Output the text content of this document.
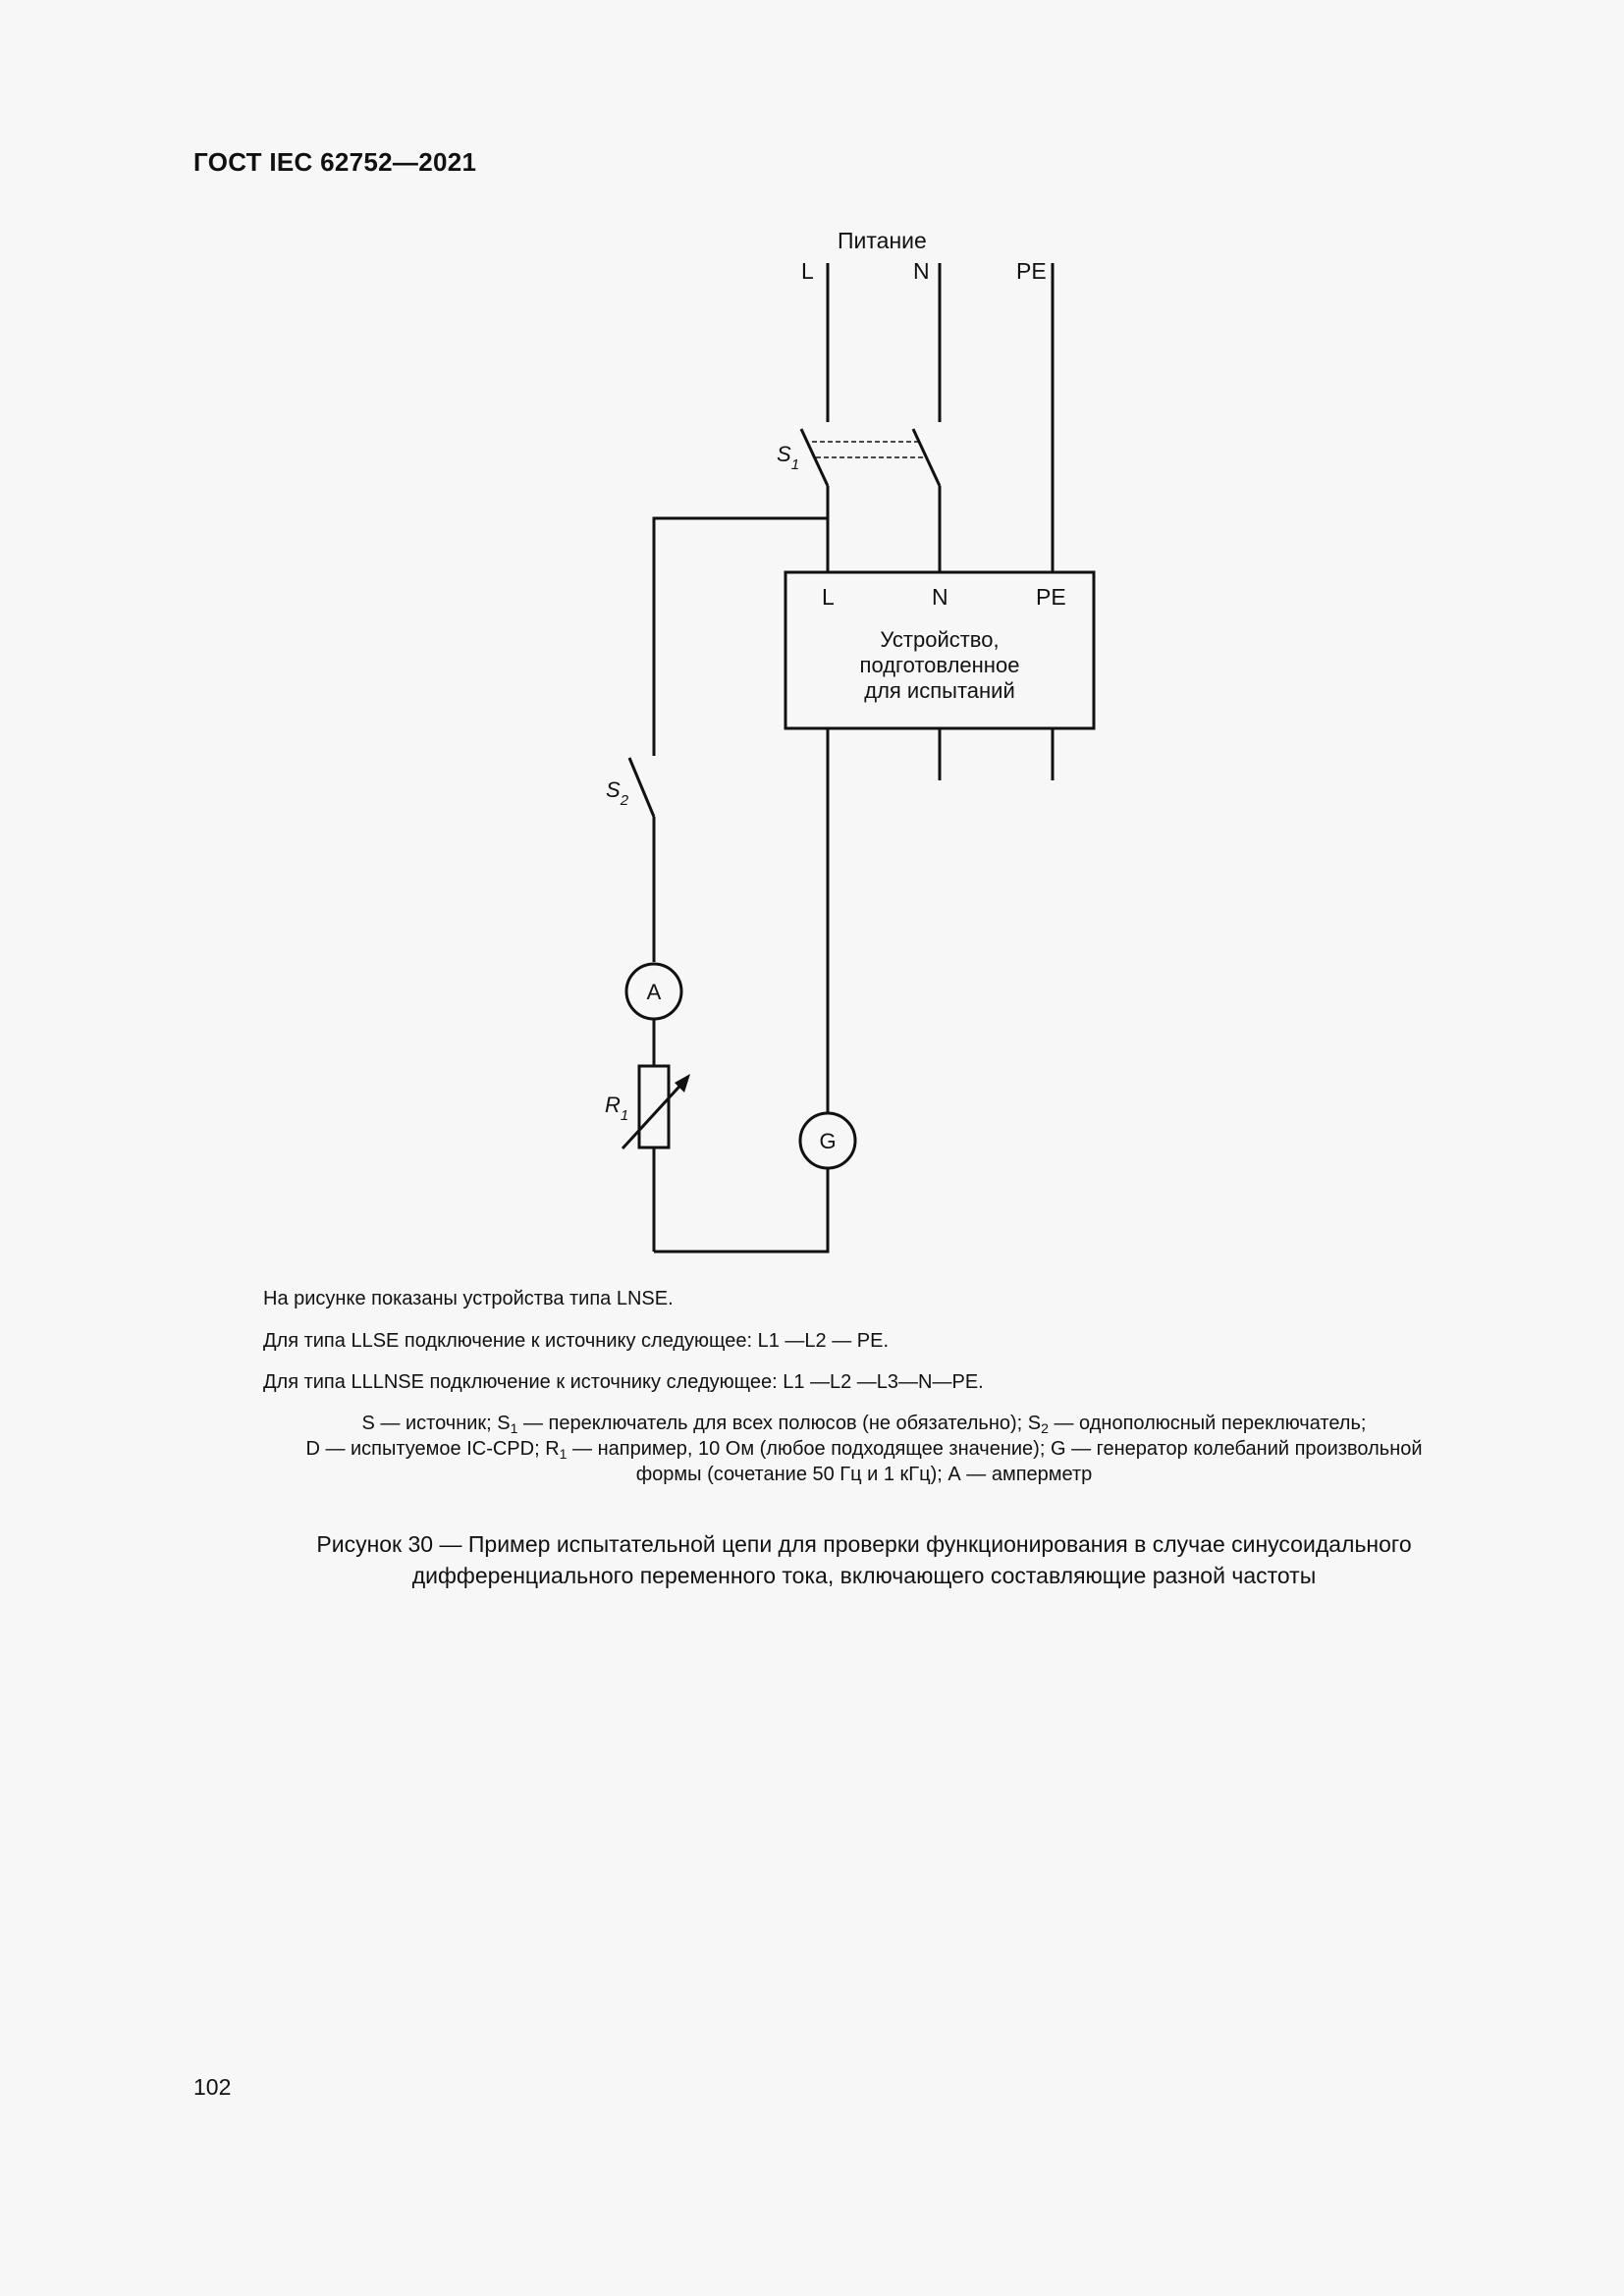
ГОСТ IEC 62752—2021
Питание
L	N	PE
$S_1$
$S_2$
$R_1$
L	N	PE
Устройство,
подготовленное
для испытаний
A
G
На рисунке показаны устройства типа LNSE.
Для типа LLSE подключение к источнику следующее: L1 —L2 — PE.
Для типа LLLNSE подключение к источнику следующее: L1 —L2 —L3—N—PE.
S — источник; $S_1$ — переключатель для всех полюсов (не обязательно); $S_2$ — однополюсный переключатель;
D — испытуемое IC-CPD; $R_1$ — например, 10 Ом (любое подходящее значение); G — генератор колебаний произвольной
формы (сочетание 50 Гц и 1 кГц); А — амперметр
Рисунок 30 — Пример испытательной цепи для проверки функционирования в случае синусоидального
дифференциального переменного тока, включающего составляющие разной частоты
102
